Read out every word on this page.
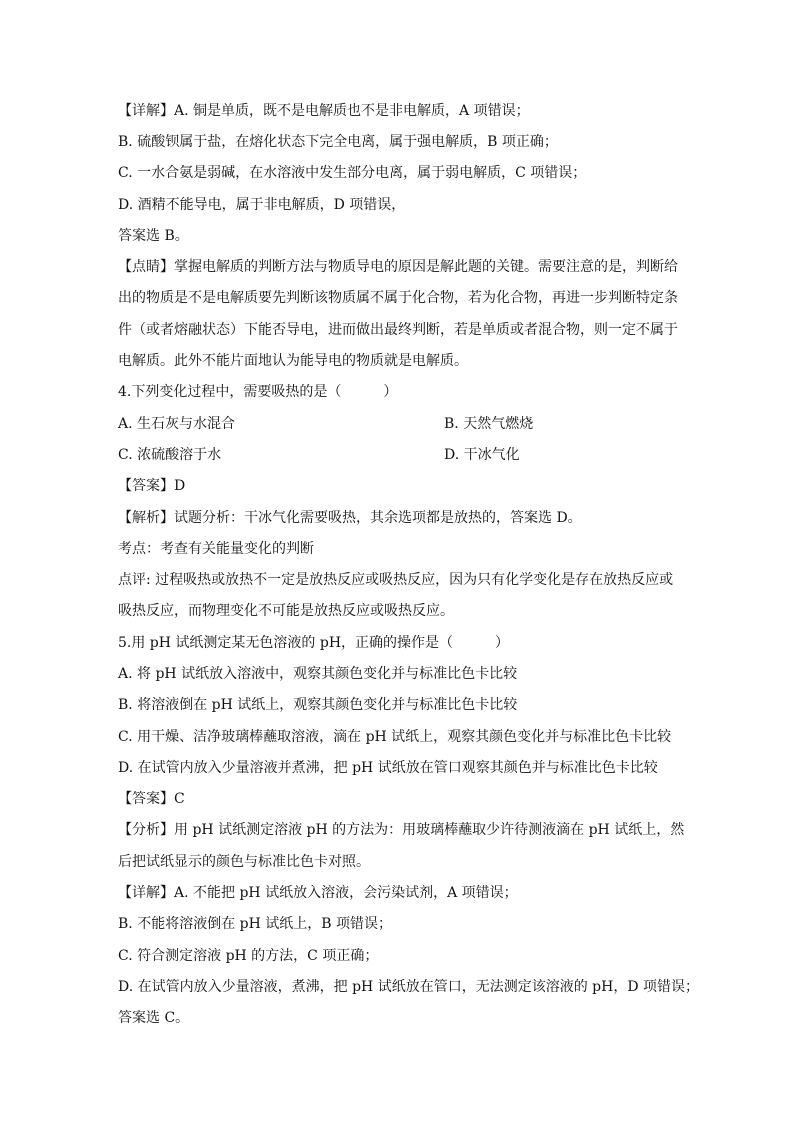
【详解】A. 铜是单质，既不是电解质也不是非电解质，A 项错误；
B. 硫酸钡属于盐，在熔化状态下完全电离，属于强电解质，B 项正确；
C. 一水合氨是弱碱，在水溶液中发生部分电离，属于弱电解质，C 项错误；
D. 酒精不能导电，属于非电解质，D 项错误，
答案选 B。
【点睛】掌握电解质的判断方法与物质导电的原因是解此题的关键。需要注意的是，判断给
出的物质是不是电解质要先判断该物质属不属于化合物，若为化合物，再进一步判断特定条
件（或者熔融状态）下能否导电，进而做出最终判断，若是单质或者混合物，则一定不属于
电解质。此外不能片面地认为能导电的物质就是电解质。
4.下列变化过程中，需要吸热的是（　　　）
A. 生石灰与水混合	B. 天然气燃烧
C. 浓硫酸溶于水	D. 干冰气化
【答案】D
【解析】试题分析：干冰气化需要吸热，其余选项都是放热的，答案选 D。
考点：考查有关能量变化的判断
点评: 过程吸热或放热不一定是放热反应或吸热反应，因为只有化学变化是存在放热反应或
吸热反应，而物理变化不可能是放热反应或吸热反应。
5.用 pH 试纸测定某无色溶液的 pH，正确的操作是（　　　）
A. 将 pH 试纸放入溶液中，观察其颜色变化并与标准比色卡比较
B. 将溶液倒在 pH 试纸上，观察其颜色变化并与标准比色卡比较
C. 用干燥、洁净玻璃棒蘸取溶液，滴在 pH 试纸上，观察其颜色变化并与标准比色卡比较
D. 在试管内放入少量溶液并煮沸，把 pH 试纸放在管口观察其颜色并与标准比色卡比较
【答案】C
【分析】用 pH 试纸测定溶液 pH 的方法为：用玻璃棒蘸取少许待测液滴在 pH 试纸上，然
后把试纸显示的颜色与标准比色卡对照。
【详解】A. 不能把 pH 试纸放入溶液，会污染试剂，A 项错误；
B. 不能将溶液倒在 pH 试纸上，B 项错误；
C. 符合测定溶液 pH 的方法，C 项正确；
D. 在试管内放入少量溶液，煮沸，把 pH 试纸放在管口，无法测定该溶液的 pH，D 项错误；
答案选 C。
